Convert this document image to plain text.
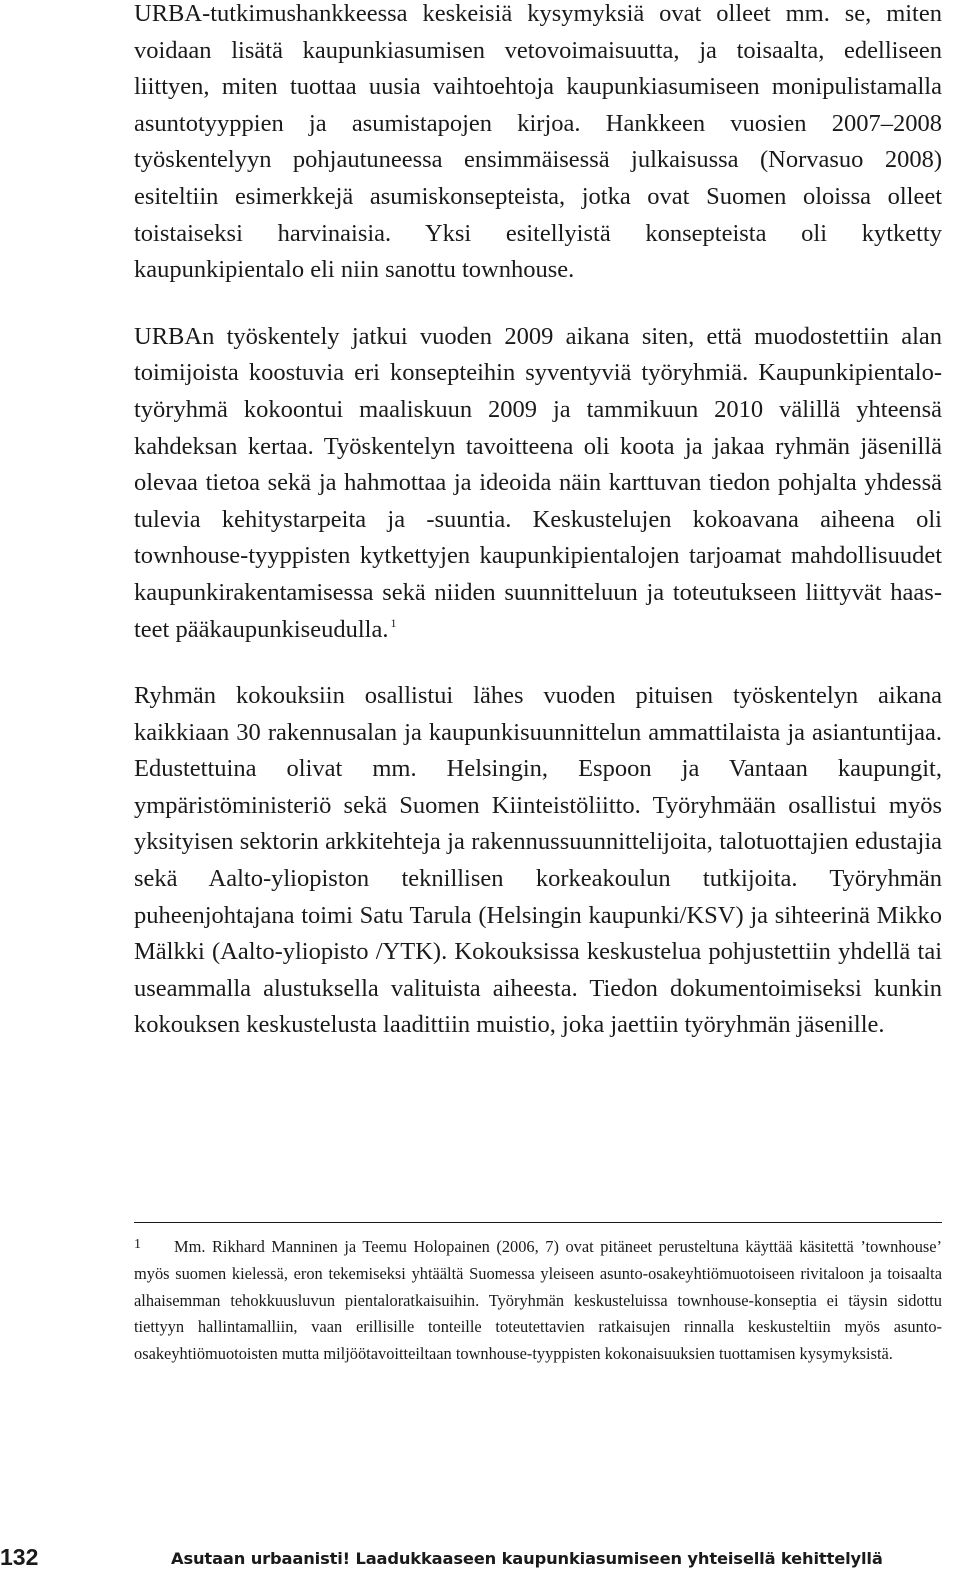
URBA-tutkimushankkeessa keskeisiä kysymyksiä ovat olleet mm. se, miten voidaan lisätä kaupunkiasumisen vetovoimaisuutta, ja toisaalta, edelliseen liittyen, miten tuottaa uusia vaihtoehtoja kaupunkiasumiseen monipulistamalla asuntotyyppien ja asumistapojen kirjoa. Hankkeen vuosien 2007–2008 työskentelyyn pohjautuneessa ensimmäisessä julkaisussa (Norvasuo 2008) esiteltiin esimerkkejä asumiskonsepteista, jotka ovat Suomen oloissa olleet toistaiseksi harvinaisia. Yksi esitellyistä konsepteista oli kytketty kaupunkipientalo eli niin sanottu townhouse.

URBAn työskentely jatkui vuoden 2009 aikana siten, että muodostettiin alan toimijoista koostuvia eri konsepteihin syventyviä työryhmiä. Kaupunkipientalo-työryhmä kokoontui maaliskuun 2009 ja tammikuun 2010 välillä yhteensä kahdeksan kertaa. Työskentelyn tavoitteena oli koota ja jakaa ryhmän jäsenillä olevaa tietoa sekä ja hahmottaa ja ideoida näin karttuvan tiedon pohjalta yhdessä tulevia kehitystarpeita ja -suuntia. Keskustelujen kokoavana aiheena oli townhouse-tyyppisten kytkettyjen kaupunkipientalojen tarjoamat mahdollisuudet kaupunkirakentamisessa sekä niiden suunnitteluun ja toteutukseen liittyvät haasteet pääkaupunkiseudulla. $^1$

Ryhmän kokouksiin osallistui lähes vuoden pituisen työskentelyn aikana kaikkiaan 30 rakennusalan ja kaupunkisuunnittelun ammattilaista ja asiantuntijaa. Edustettuina olivat mm. Helsingin, Espoon ja Vantaan kaupungit, ympäristöministeriö sekä Suomen Kiinteistöliitto. Työryhmään osallistui myös yksityisen sektorin arkkitehteja ja rakennussuunnittelijoita, talotuottajien edustajia sekä Aalto-yliopiston teknillisen korkeakoulun tutkijoita. Työryhmän puheenjohtajana toimi Satu Tarula (Helsingin kaupunki/KSV) ja sihteerinä Mikko Mälkki (Aalto-yliopisto /YTK). Kokouksissa keskustelua pohjustettiin yhdellä tai useammalla alustuksella valituista aiheesta. Tiedon dokumentoimiseksi kunkin kokouksen keskustelusta laadittiin muistio, joka jaettiin työryhmän jäsenille.

1	Mm. Rikhard Manninen ja Teemu Holopainen (2006, 7) ovat pitäneet perusteltuna käyttää käsitettä ’townhouse’ myös suomen kielessä, eron tekemiseksi yhtäältä Suomessa yleiseen asunto-osakeyhtiömuotoiseen rivitaloon ja toisaalta alhaisemman tehokkuusluvun pientaloratkaisuihin. Työryhmän keskusteluissa townhouse-konseptia ei täysin sidottu tiettyyn hallintamalliin, vaan erillisille tonteille toteutettavien ratkaisujen rinnalla keskusteltiin myös asunto-osakeyhtiömuotoisten mutta miljöötavoitteiltaan townhouse-tyyppisten kokonaisuuksien tuottamisen kysymyksistä.
132	Asutaan urbaanisti! Laadukkaaseen kaupunkiasumiseen yhteisellä kehittelyllä
